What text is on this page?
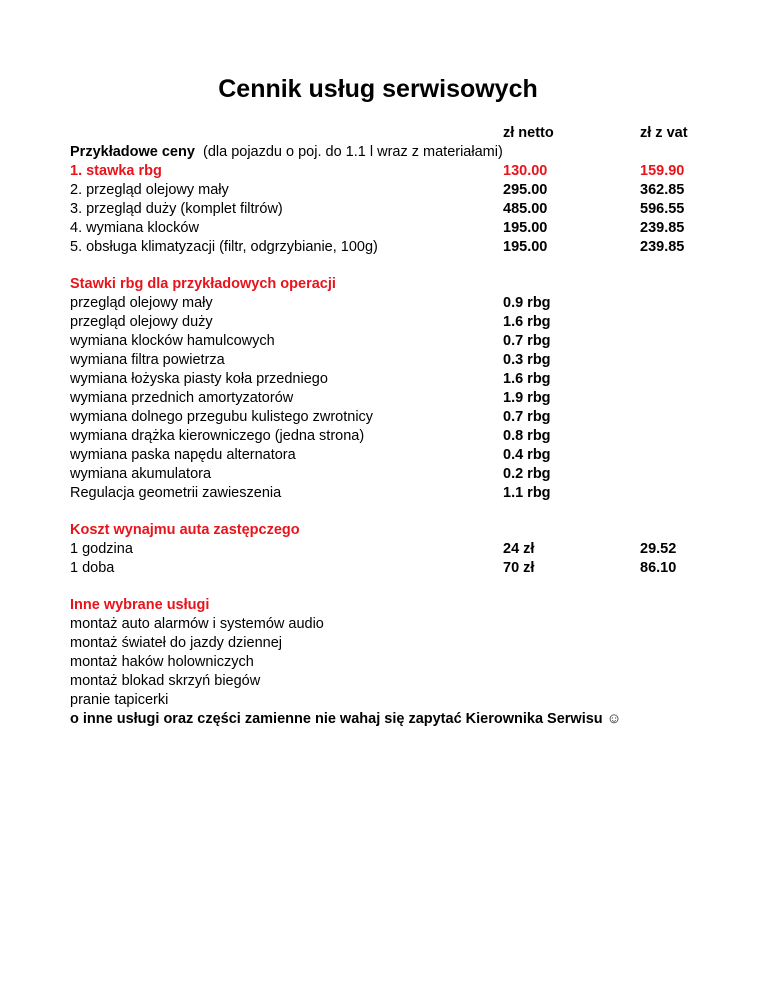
Cennik usług serwisowych
zł netto	zł z vat
Przykładowe ceny (dla pojazdu o poj. do 1.1 l wraz z materiałami)
1. stawka rbg	130.00	159.90
2. przegląd olejowy mały	295.00	362.85
3. przegląd duży (komplet filtrów)	485.00	596.55
4. wymiana klocków	195.00	239.85
5. obsługa klimatyzacji (filtr, odgrzybianie, 100g)	195.00	239.85
Stawki rbg dla przykładowych operacji
przegląd olejowy mały	0.9 rbg
przegląd olejowy duży	1.6 rbg
wymiana klocków hamulcowych	0.7 rbg
wymiana filtra powietrza	0.3 rbg
wymiana łożyska piasty koła przedniego	1.6 rbg
wymiana przednich amortyzatorów	1.9 rbg
wymiana dolnego przegubu kulistego zwrotnicy	0.7 rbg
wymiana drążka kierowniczego (jedna strona)	0.8 rbg
wymiana paska napędu alternatora	0.4 rbg
wymiana akumulatora	0.2 rbg
Regulacja geometrii zawieszenia	1.1 rbg
Koszt wynajmu auta zastępczego
1 godzina	24 zł	29.52
1 doba	70 zł	86.10
Inne wybrane usługi
montaż auto alarmów i systemów audio
montaż świateł do jazdy dziennej
montaż haków holowniczych
montaż blokad skrzyń biegów
pranie tapicerki
o inne usługi oraz części zamienne nie wahaj się zapytać Kierownika Serwisu ☺
